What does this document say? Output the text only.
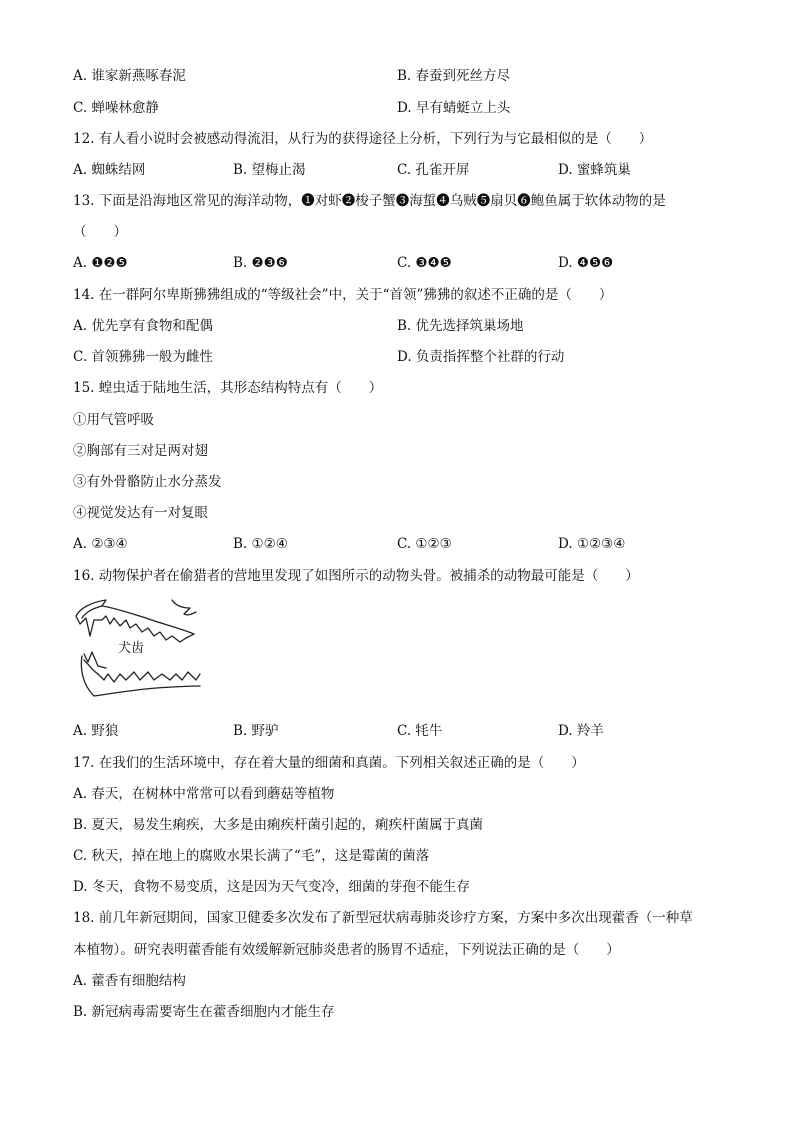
A. 谁家新燕啄春泥	B. 春蚕到死丝方尽
C. 蝉噪林愈静	D. 早有蜻蜓立上头
12. 有人看小说时会被感动得流泪，从行为的获得途径上分析，下列行为与它最相似的是（　　）
A. 蜘蛛结网	B. 望梅止渴	C. 孔雀开屏	D. 蜜蜂筑巢
13. 下面是沿海地区常见的海洋动物，❶对虾❷梭子蟹❸海蜇❹乌贼❺扇贝❻鲍鱼属于软体动物的是
（　　）
A. ❶❷❺	B. ❷❸❻	C. ❸❹❺	D. ❹❺❻
14. 在一群阿尔卑斯狒狒组成的“等级社会”中，关于“首领”狒狒的叙述不正确的是（　　）
A. 优先享有食物和配偶	B. 优先选择筑巢场地
C. 首领狒狒一般为雌性	D. 负责指挥整个社群的行动
15. 蝗虫适于陆地生活，其形态结构特点有（　　）
①用气管呼吸
②胸部有三对足两对翅
③有外骨骼防止水分蒸发
④视觉发达有一对复眼
A. ②③④	B. ①②④	C. ①②③	D. ①②③④
16. 动物保护者在偷猎者的营地里发现了如图所示的动物头骨。被捕杀的动物最可能是（　　）
犬齿
A. 野狼	B. 野驴	C. 牦牛	D. 羚羊
17. 在我们的生活环境中，存在着大量的细菌和真菌。下列相关叙述正确的是（　　）
A. 春天，在树林中常常可以看到蘑菇等植物
B. 夏天，易发生痢疾，大多是由痢疾杆菌引起的，痢疾杆菌属于真菌
C. 秋天，掉在地上的腐败水果长满了“毛”，这是霉菌的菌落
D. 冬天，食物不易变质，这是因为天气变冷，细菌的芽孢不能生存
18. 前几年新冠期间，国家卫健委多次发布了新型冠状病毒肺炎诊疗方案，方案中多次出现藿香（一种草
本植物）。研究表明藿香能有效缓解新冠肺炎患者的肠胃不适症，下列说法正确的是（　　）
A. 藿香有细胞结构
B. 新冠病毒需要寄生在藿香细胞内才能生存
